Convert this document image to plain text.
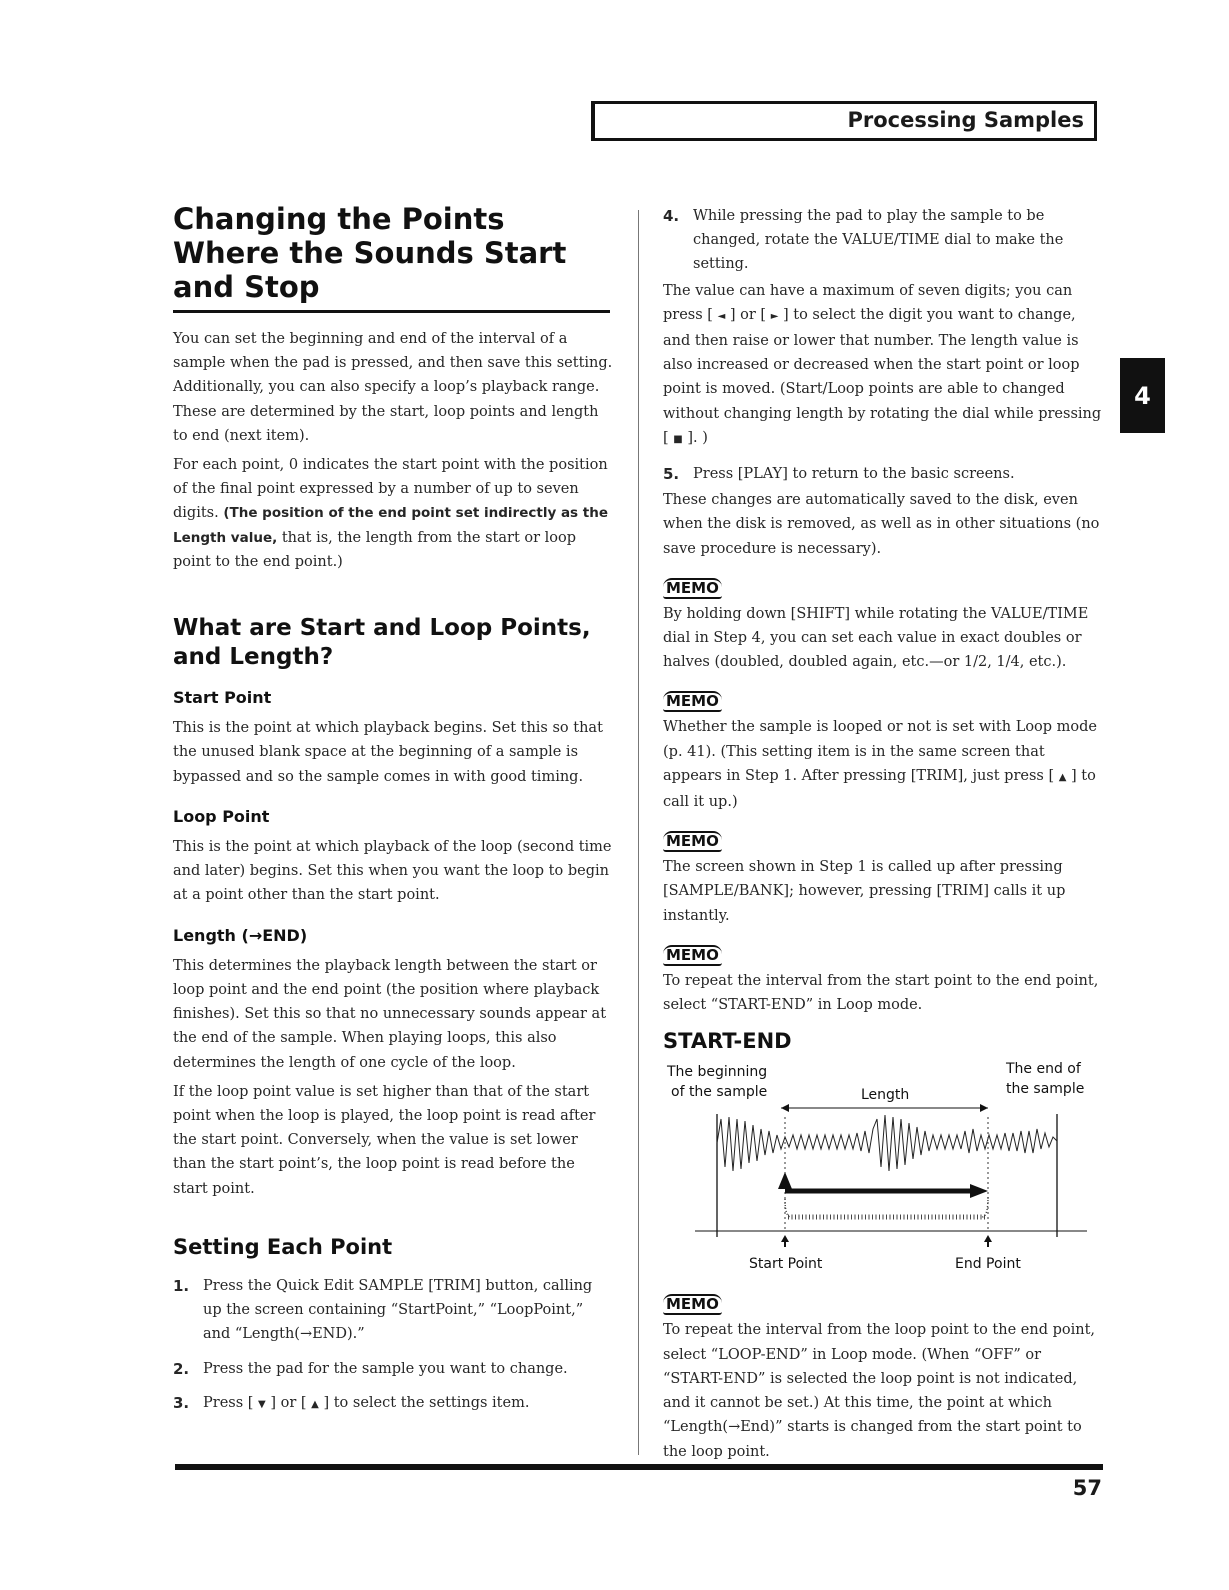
Processing Samples
4
Changing the Points Where the Sounds Start and Stop

You can set the beginning and end of the interval of a sample when the pad is pressed, and then save this setting. Additionally, you can also specify a loop’s playback range. These are determined by the start, loop points and length to end (next item).

For each point, 0 indicates the start point with the position of the final point expressed by a number of up to seven digits. (The position of the end point set indirectly as the Length value, that is, the length from the start or loop point to the end point.)

What are Start and Loop Points, and Length?
Start Point

This is the point at which playback begins. Set this so that the unused blank space at the beginning of a sample is bypassed and so the sample comes in with good timing.

Loop Point

This is the point at which playback of the loop (second time and later) begins. Set this when you want the loop to begin at a point other than the start point.

Length (→END)

This determines the playback length between the start or loop point and the end point (the position where playback finishes). Set this so that no unnecessary sounds appear at the end of the sample. When playing loops, this also determines the length of one cycle of the loop.

If the loop point value is set higher than that of the start point when the loop is played, the loop point is read after the start point. Conversely, when the value is set lower than the start point’s, the loop point is read before the start point.

Setting Each Point
1. Press the Quick Edit SAMPLE [TRIM] button, calling up the screen containing “StartPoint,” “LoopPoint,” and “Length(→END).”
2. Press the pad for the sample you want to change.
3. Press [ ▼ ] or [ ▲ ] to select the settings item.
4. While pressing the pad to play the sample to be changed, rotate the VALUE/TIME dial to make the setting.

The value can have a maximum of seven digits; you can press [ ◄ ] or [ ► ] to select the digit you want to change, and then raise or lower that number. The length value is also increased or decreased when the start point or loop point is moved. (Start/Loop points are able to changed without changing length by rotating the dial while pressing [ ■ ]. )

5. Press [PLAY] to return to the basic screens.

These changes are automatically saved to the disk, even when the disk is removed, as well as in other situations (no save procedure is necessary).

MEMO

By holding down [SHIFT] while rotating the VALUE/TIME dial in Step 4, you can set each value in exact doubles or halves (doubled, doubled again, etc.—or 1/2, 1/4, etc.).

MEMO

Whether the sample is looped or not is set with Loop mode (p. 41). (This setting item is in the same screen that appears in Step 1. After pressing [TRIM], just press [ ▲ ] to call it up.)

MEMO

The screen shown in Step 1 is called up after pressing [SAMPLE/BANK]; however, pressing [TRIM] calls it up instantly.

MEMO

To repeat the interval from the start point to the end point, select “START-END” in Loop mode.

START-END
The beginning
of the sample	Length
The end of
the sample
Start Point	End Point
MEMO

To repeat the interval from the loop point to the end point, select “LOOP-END” in Loop mode. (When “OFF” or “START-END” is selected the loop point is not indicated, and it cannot be set.) At this time, the point at which “Length(→End)” starts is changed from the start point to the loop point.

57
